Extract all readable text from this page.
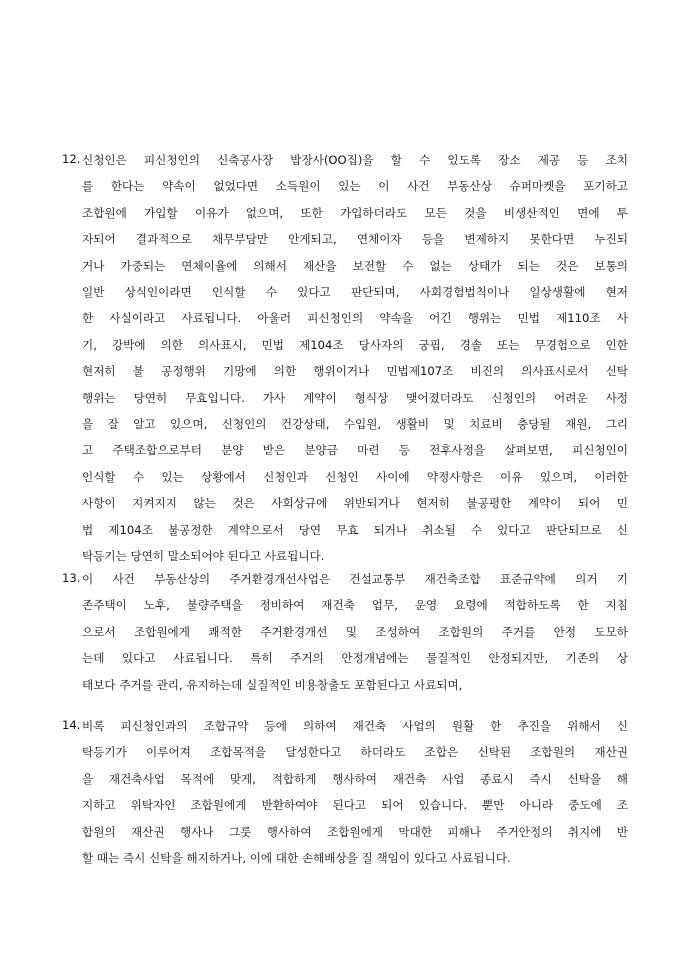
12. 신청인은 피신청인의 신축공사장 밥장사(OO집)을 할 수 있도록 장소 제공 등 조치
를 한다는 약속이 없었다면 소득원이 있는 이 사건 부동산상 슈퍼마켓을 포기하고
조합원에 가입할 이유가 없으며, 또한 가입하더라도 모든 것을 비생산적인 면에 투
자되어 결과적으로 채무부담만 안게되고, 연체이자 등을 변제하지 못한다면 누진되
거나 가중되는 연체이율에 의해서 재산을 보전할 수 없는 상태가 되는 것은 보통의
일반 상식인이라면 인식할 수 있다고 판단되며, 사회경험법칙이나 일상생활에 현저
한 사실이라고 사료됩니다. 아울러 피신청인의 약속을 어긴 행위는 민법 제110조 사
기, 강박에 의한 의사표시, 민법 제104조 당사자의 궁핍, 경솔 또는 무경험으로 인한
현저히 불 공정행위 기망에 의한 행위이거나 민법제107조 비진의 의사표시로서 신탁
행위는 당연히 무효입니다. 가사 계약이 형식상 맺어졌더라도 신청인의 어려운 사정
을 잘 알고 있으며, 신청인의 건강상태, 수입원, 생활비 및 치료비 충당될 재원, 그리
고 주택조합으로부터 분양 받은 분양금 마련 등 전후사정을 살펴보면, 피신청인이
인식할 수 있는 상황에서 신청인과 신청인 사이에 약정사항은 이유 있으며, 이러한
사항이 지켜지지 않는 것은 사회상규에 위반되거나 현저히 불공평한 계약이 되어 민
법 제104조 불공정한 계약으로서 당연 무효 되거나 취소될 수 있다고 판단되므로 신
탁등기는 당연히 말소되어야 된다고 사료됩니다.
13. 이 사건 부동산상의 주거환경개선사업은 건설교통부 재건축조합 표준규약에 의거 기
존주택이 노후, 불량주택을 정비하여 재건축 업무, 운영 요령에 적합하도록 한 지침
으로서 조합원에게 쾌적한 주거환경개선 및 조성하여 조합원의 주거를 안정 도모하
는데 있다고 사료됩니다. 특히 주거의 안정개념에는 물질적인 안정되지만, 기존의 상
태보다 주거를 관리, 유지하는데 실질적인 비용창출도 포함된다고 사료되며,
14. 비록 피신청인과의 조합규약 등에 의하여 재건축 사업의 원활 한 추진을 위해서 신
탁등기가 이루어져 조합목적을 달성한다고 하더라도 조합은 신탁된 조합원의 재산권
을 재건축사업 목적에 맞게, 적합하게 행사하여 재건축 사업 종료시 즉시 신탁을 해
지하고 위탁자인 조합원에게 반환하여야 된다고 되어 있습니다. 뿐만 아니라 중도에 조
합원의 재산권 행사나 그룻 행사하여 조합원에게 막대한 피해나 주거안정의 취지에 반
할 때는 즉시 신탁을 해지하거나, 이에 대한 손해배상을 질 책임이 있다고 사료됩니다.
